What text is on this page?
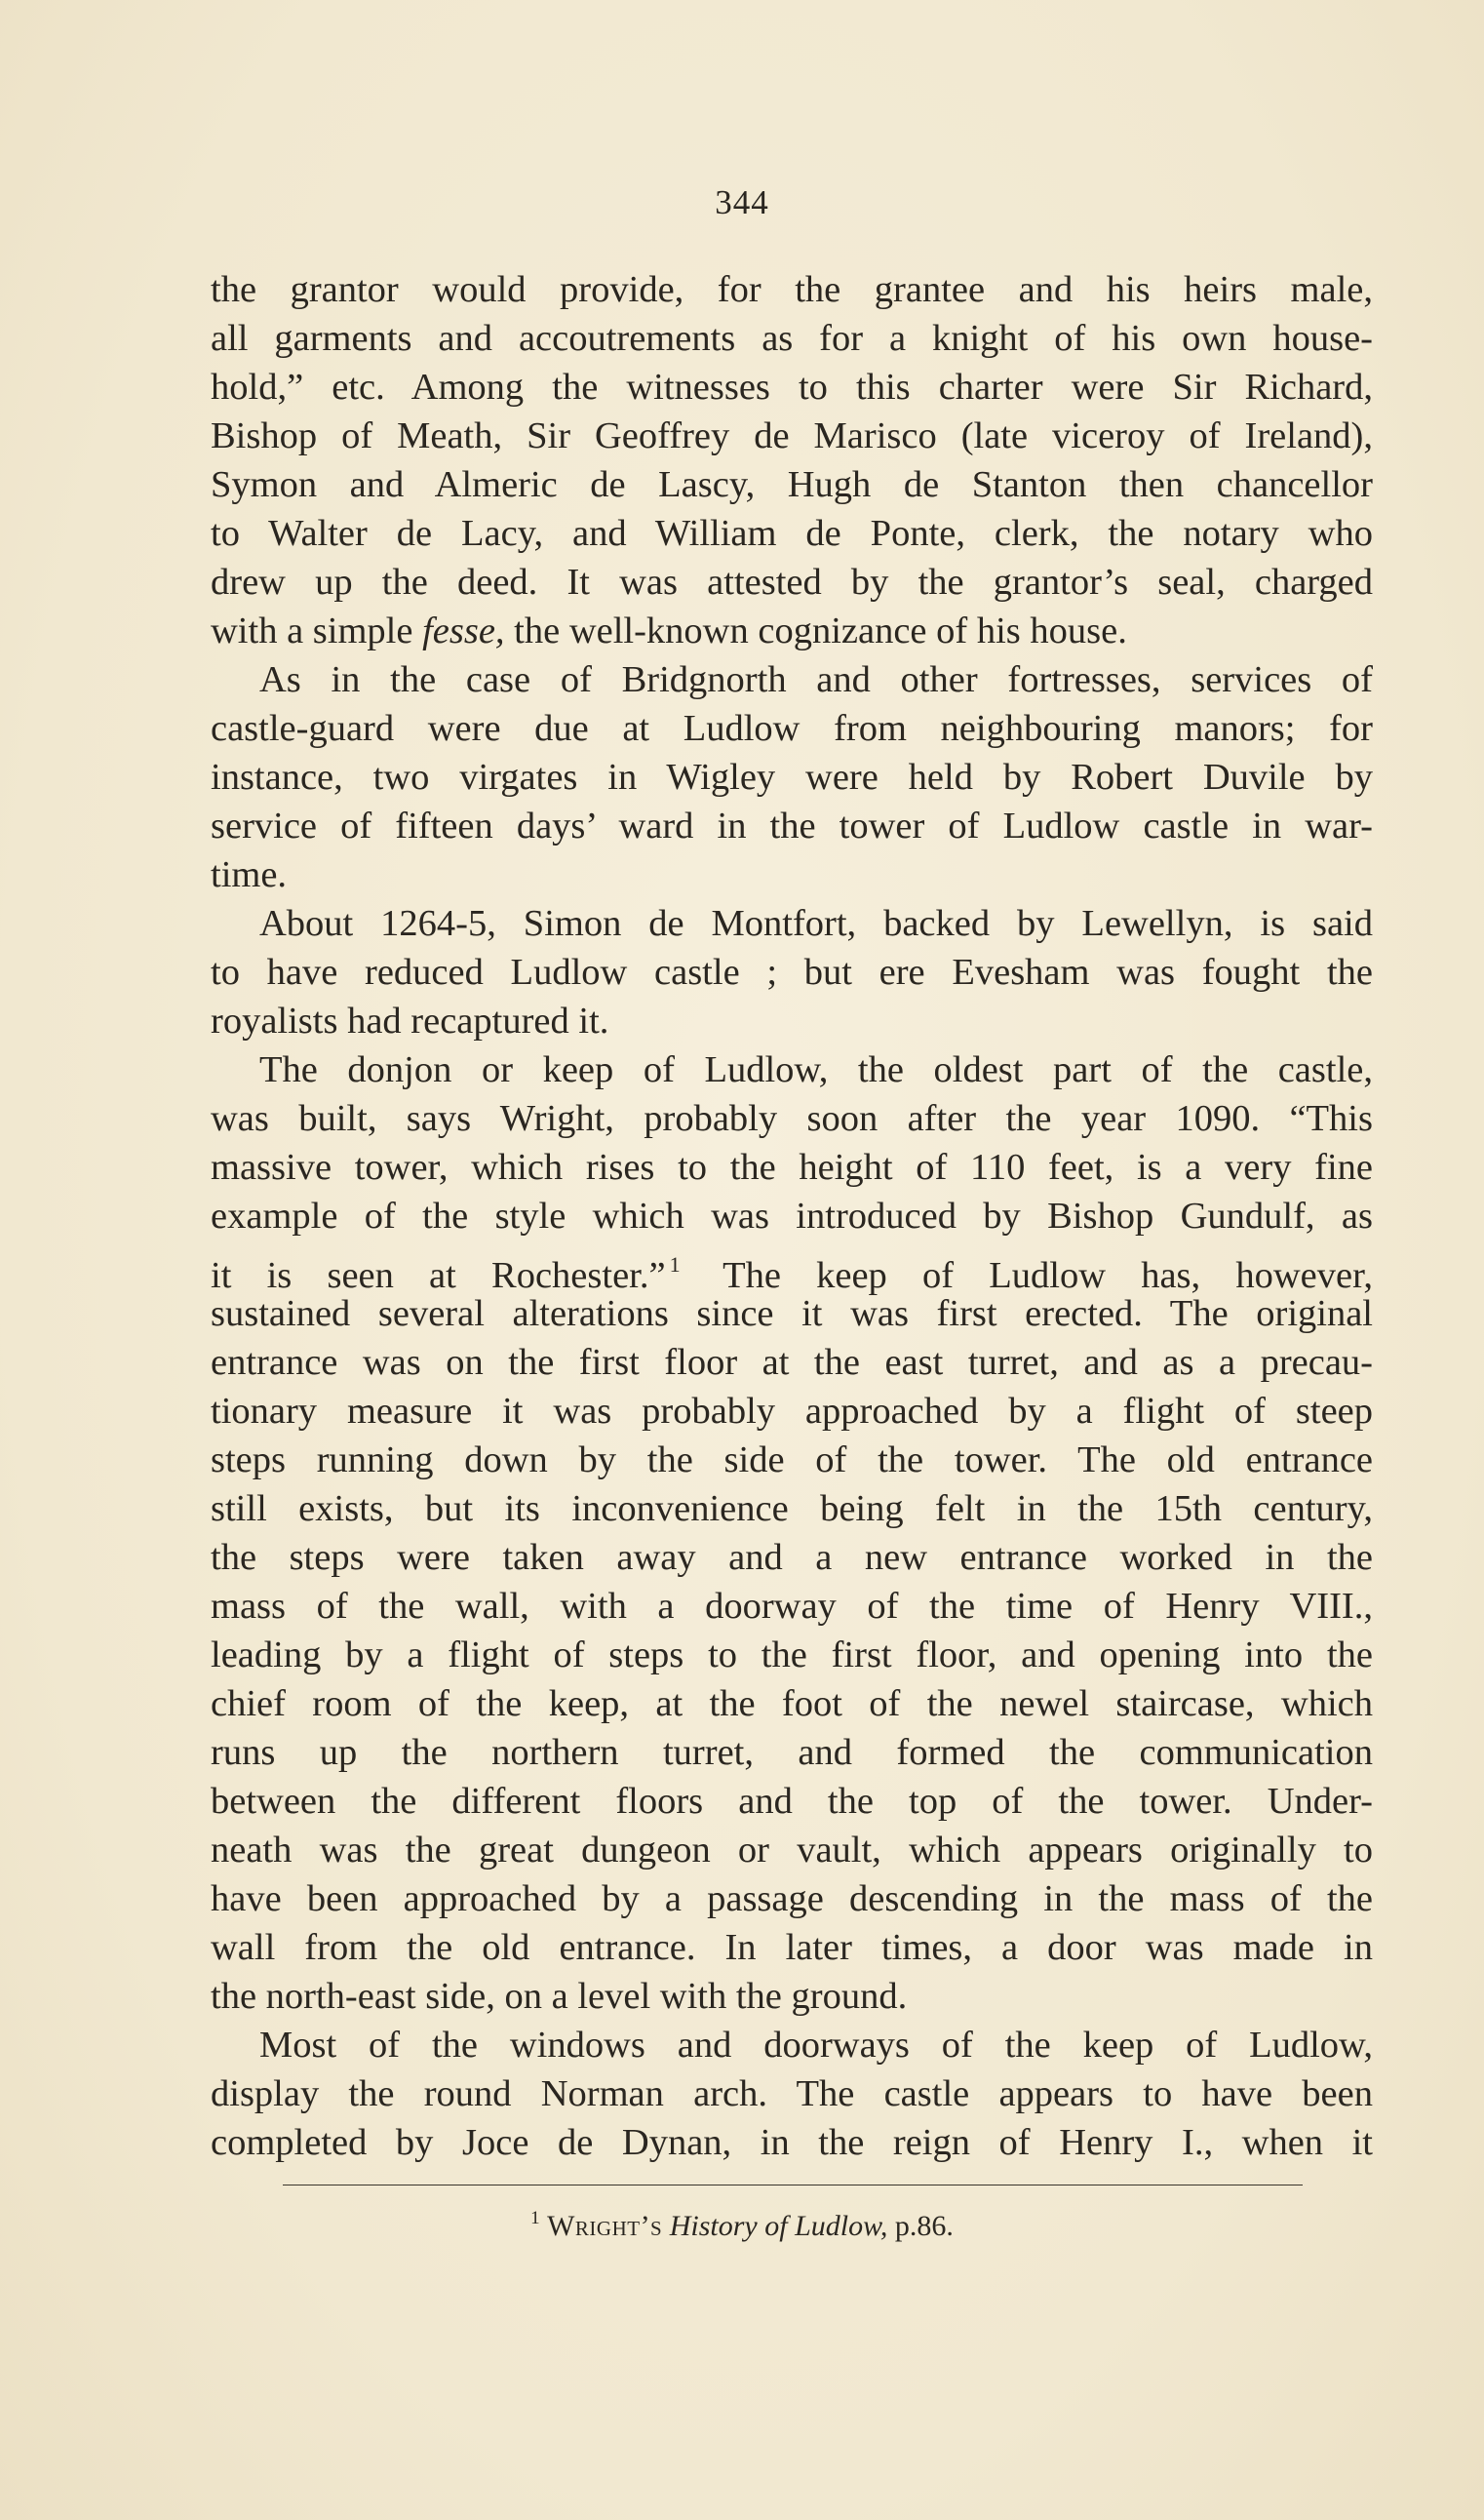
344
the grantor would provide, for the grantee and his heirs male,
all garments and accoutrements as for a knight of his own house-
hold,” etc. Among the witnesses to this charter were Sir Richard,
Bishop of Meath, Sir Geoffrey de Marisco (late viceroy of Ireland),
Symon and Almeric de Lascy, Hugh de Stanton then chancellor
to Walter de Lacy, and William de Ponte, clerk, the notary who
drew up the deed. It was attested by the grantor’s seal, charged
with a simple fesse, the well-known cognizance of his house.
As in the case of Bridgnorth and other fortresses, services of
castle-guard were due at Ludlow from neighbouring manors; for
instance, two virgates in Wigley were held by Robert Duvile by
service of fifteen days’ ward in the tower of Ludlow castle in war-
time.
About 1264-5, Simon de Montfort, backed by Lewellyn, is said
to have reduced Ludlow castle ; but ere Evesham was fought the
royalists had recaptured it.
The donjon or keep of Ludlow, the oldest part of the castle,
was built, says Wright, probably soon after the year 1090. “This
massive tower, which rises to the height of 110 feet, is a very fine
example of the style which was introduced by Bishop Gundulf, as
it is seen at Rochester.” $^1$ The keep of Ludlow has, however,
sustained several alterations since it was first erected. The original
entrance was on the first floor at the east turret, and as a precau-
tionary measure it was probably approached by a flight of steep
steps running down by the side of the tower. The old entrance
still exists, but its inconvenience being felt in the 15th century,
the steps were taken away and a new entrance worked in the
mass of the wall, with a doorway of the time of Henry VIII.,
leading by a flight of steps to the first floor, and opening into the
chief room of the keep, at the foot of the newel staircase, which
runs up the northern turret, and formed the communication
between the different floors and the top of the tower. Under-
neath was the great dungeon or vault, which appears originally to
have been approached by a passage descending in the mass of the
wall from the old entrance. In later times, a door was made in
the north-east side, on a level with the ground.
Most of the windows and doorways of the keep of Ludlow,
display the round Norman arch. The castle appears to have been
completed by Joce de Dynan, in the reign of Henry I., when it
$^1$ Wright’s History of Ludlow, p.86.
